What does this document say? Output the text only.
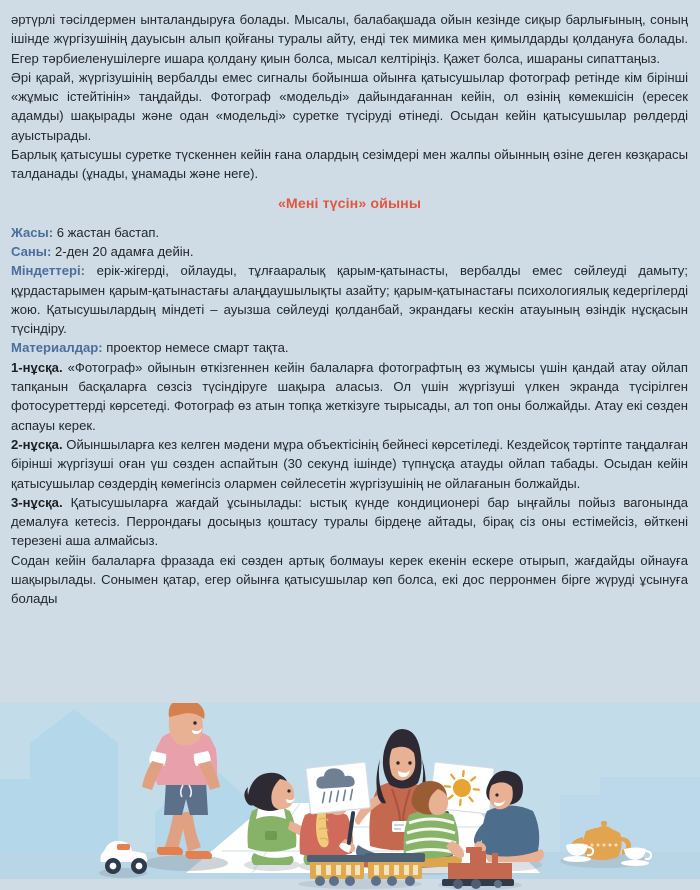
әртүрлі тәсілдермен ынталандыруға болады. Мысалы, балабақшада ойын кезінде сиқыр барлығының, соның ішінде жүргізушінің дауысын алып қойғаны туралы айту, енді тек мимика мен қимылдарды қолдануға болады. Егер тәрбиеленушілерге ишара қолдану қиын болса, мысал келтіріңіз. Қажет болса, ишараны сипаттаңыз.

Әрі қарай, жүргізушінің вербалды емес сигналы бойынша ойынға қатысушылар фотограф ретінде кім бірінші «жұмыс істейтінін» таңдайды. Фотограф «модельді» дайындағаннан кейін, ол өзінің көмекшісін (ересек адамды) шақырады және одан «модельді» суретке түсіруді өтінеді. Осыдан кейін қатысушылар рөлдерді ауыстырады.

Барлық қатысушы суретке түскеннен кейін ғана олардың сезімдері мен жалпы ойынның өзіне деген көзқарасы талданады (ұнады, ұнамады және неге).

«Мені түсін» ойыны

Жасы: 6 жастан бастап.

Саны: 2-ден 20 адамға дейін.

Міндеттері: ерік-жігерді, ойлауды, тұлғааралық қарым-қатынасты, вербалды емес сөйлеуді дамыту; құрдастарымен қарым-қатынастағы алаңдаушылықты азайту; қарым-қатынастағы психологиялық кедергілерді жою. Қатысушылардың міндеті – ауызша сөйлеуді қолданбай, экрандағы кескін атауының өзіндік нұсқасын түсіндіру.

Материалдар: проектор немесе смарт тақта.

1-нұсқа. «Фотограф» ойынын өткізгеннен кейін балаларға фотографтың өз жұмысы үшін қандай атау ойлап тапқанын басқаларға сөзсіз түсіндіруге шақыра аласыз. Ол үшін жүргізуші үлкен экранда түсірілген фотосуреттерді көрсетеді. Фотограф өз атын топқа жеткізуге тырысады, ал топ оны болжайды. Атау екі сөзден аспауы керек.

2-нұсқа. Ойыншыларға кез келген мәдени мұра объектісінің бейнесі көрсетіледі. Кездейсоқ тәртіпте таңдалған бірінші жүргізуші оған үш сөзден аспайтын (30 секунд ішінде) түпнұсқа атауды ойлап табады. Осыдан кейін қатысушылар сөздердің көмегінсіз олармен сөйлесетін жүргізушінің не ойлағанын болжайды.

3-нұсқа. Қатысушыларға жағдай ұсынылады: ыстық күнде кондиционері бар ыңғайлы пойыз вагонында демалуға кетесіз. Перрондағы досыңыз қоштасу туралы бірдеңе айтады, бірақ сіз оны естімейсіз, өйткені терезені аша алмайсыз.

Содан кейін балаларға фразада екі сөзден артық болмауы керек екенін ескере отырып, жағдайды ойнауға шақырылады. Сонымен қатар, егер ойынға қатысушылар көп болса, екі дос перронмен бірге жүруді ұсынуға болады
